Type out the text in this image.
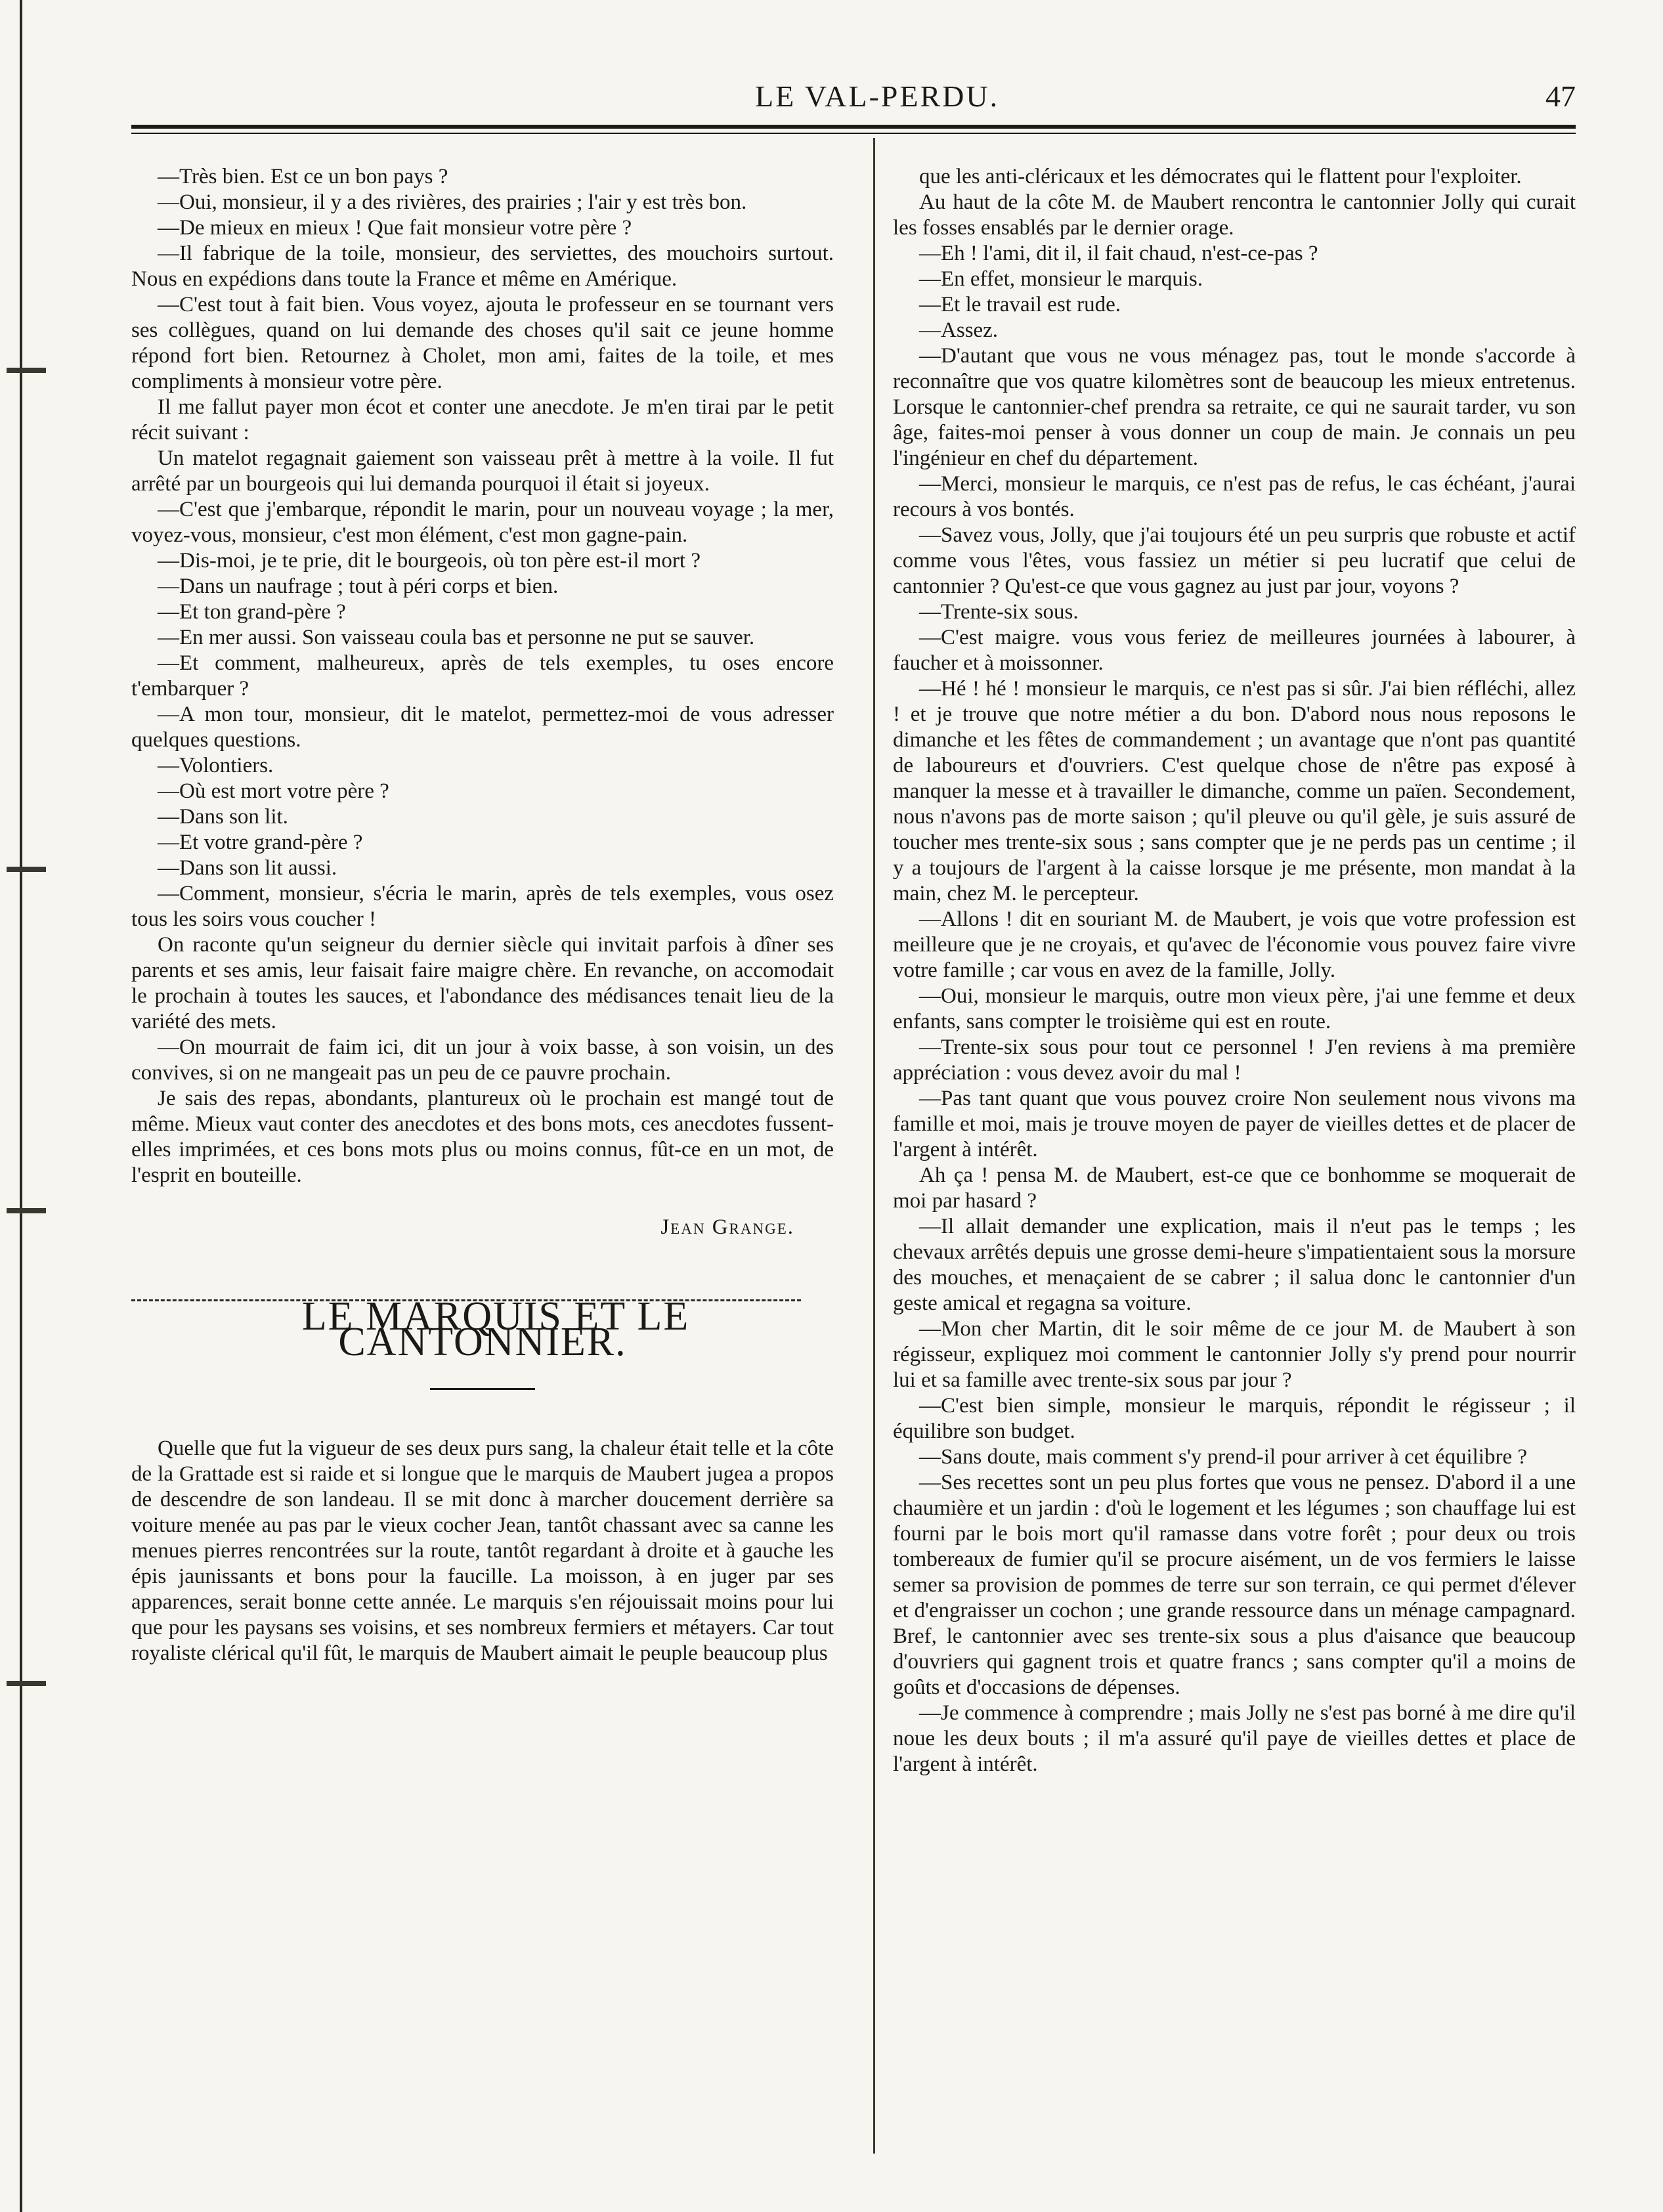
LE VAL-PERDU.	47

—Très bien. Est ce un bon pays ?

—Oui, monsieur, il y a des rivières, des prairies ; l'air y est très bon.

—De mieux en mieux ! Que fait monsieur votre père ?

—Il fabrique de la toile, monsieur, des serviettes, des mouchoirs surtout. Nous en expédions dans toute la France et même en Amérique.

—C'est tout à fait bien. Vous voyez, ajouta le professeur en se tournant vers ses collègues, quand on lui demande des choses qu'il sait ce jeune homme répond fort bien. Retournez à Cholet, mon ami, faites de la toile, et mes compliments à monsieur votre père.

Il me fallut payer mon écot et conter une anecdote. Je m'en tirai par le petit récit suivant :

Un matelot regagnait gaiement son vaisseau prêt à mettre à la voile. Il fut arrêté par un bourgeois qui lui demanda pourquoi il était si joyeux.

—C'est que j'embarque, répondit le marin, pour un nouveau voyage ; la mer, voyez-vous, monsieur, c'est mon élément, c'est mon gagne-pain.

—Dis-moi, je te prie, dit le bourgeois, où ton père est-il mort ?

—Dans un naufrage ; tout à péri corps et bien.

—Et ton grand-père ?

—En mer aussi. Son vaisseau coula bas et personne ne put se sauver.

—Et comment, malheureux, après de tels exemples, tu oses encore t'embarquer ?

—A mon tour, monsieur, dit le matelot, permettez-moi de vous adresser quelques questions.

—Volontiers.

—Où est mort votre père ?

—Dans son lit.

—Et votre grand-père ?

—Dans son lit aussi.

—Comment, monsieur, s'écria le marin, après de tels exemples, vous osez tous les soirs vous coucher !

On raconte qu'un seigneur du dernier siècle qui invitait parfois à dîner ses parents et ses amis, leur faisait faire maigre chère. En revanche, on accomodait le prochain à toutes les sauces, et l'abondance des médisances tenait lieu de la variété des mets.

—On mourrait de faim ici, dit un jour à voix basse, à son voisin, un des convives, si on ne mangeait pas un peu de ce pauvre prochain.

Je sais des repas, abondants, plantureux où le prochain est mangé tout de même. Mieux vaut conter des anecdotes et des bons mots, ces anecdotes fussent-elles imprimées, et ces bons mots plus ou moins connus, fût-ce en un mot, de l'esprit en bouteille.

Jean Grange.

LE MARQUIS ET LE CANTONNIER.

Quelle que fut la vigueur de ses deux purs sang, la chaleur était telle et la côte de la Grattade est si raide et si longue que le marquis de Maubert jugea a propos de descendre de son landeau. Il se mit donc à marcher doucement derrière sa voiture menée au pas par le vieux cocher Jean, tantôt chassant avec sa canne les menues pierres rencontrées sur la route, tantôt regardant à droite et à gauche les épis jaunissants et bons pour la faucille. La moisson, à en juger par ses apparences, serait bonne cette année. Le marquis s'en réjouissait moins pour lui que pour les paysans ses voisins, et ses nombreux fermiers et métayers. Car tout royaliste clérical qu'il fût, le marquis de Maubert aimait le peuple beaucoup plus

que les anti-cléricaux et les démocrates qui le flattent pour l'exploiter.

Au haut de la côte M. de Maubert rencontra le cantonnier Jolly qui curait les fosses ensablés par le dernier orage.

—Eh ! l'ami, dit il, il fait chaud, n'est-ce-pas ?

—En effet, monsieur le marquis.

—Et le travail est rude.

—Assez.

—D'autant que vous ne vous ménagez pas, tout le monde s'accorde à reconnaître que vos quatre kilomètres sont de beaucoup les mieux entretenus. Lorsque le cantonnier-chef prendra sa retraite, ce qui ne saurait tarder, vu son âge, faites-moi penser à vous donner un coup de main. Je connais un peu l'ingénieur en chef du département.

—Merci, monsieur le marquis, ce n'est pas de refus, le cas échéant, j'aurai recours à vos bontés.

—Savez vous, Jolly, que j'ai toujours été un peu surpris que robuste et actif comme vous l'êtes, vous fassiez un métier si peu lucratif que celui de cantonnier ? Qu'est-ce que vous gagnez au just par jour, voyons ?

—Trente-six sous.

—C'est maigre. vous vous feriez de meilleures journées à labourer, à faucher et à moissonner.

—Hé ! hé ! monsieur le marquis, ce n'est pas si sûr. J'ai bien réfléchi, allez ! et je trouve que notre métier a du bon. D'abord nous nous reposons le dimanche et les fêtes de commandement ; un avantage que n'ont pas quantité de laboureurs et d'ouvriers. C'est quelque chose de n'être pas exposé à manquer la messe et à travailler le dimanche, comme un païen. Secondement, nous n'avons pas de morte saison ; qu'il pleuve ou qu'il gèle, je suis assuré de toucher mes trente-six sous ; sans compter que je ne perds pas un centime ; il y a toujours de l'argent à la caisse lorsque je me présente, mon mandat à la main, chez M. le percepteur.

—Allons ! dit en souriant M. de Maubert, je vois que votre profession est meilleure que je ne croyais, et qu'avec de l'économie vous pouvez faire vivre votre famille ; car vous en avez de la famille, Jolly.

—Oui, monsieur le marquis, outre mon vieux père, j'ai une femme et deux enfants, sans compter le troisième qui est en route.

—Trente-six sous pour tout ce personnel ! J'en reviens à ma première appréciation : vous devez avoir du mal !

—Pas tant quant que vous pouvez croire Non seulement nous vivons ma famille et moi, mais je trouve moyen de payer de vieilles dettes et de placer de l'argent à intérêt.

Ah ça ! pensa M. de Maubert, est-ce que ce bonhomme se moquerait de moi par hasard ?

—Il allait demander une explication, mais il n'eut pas le temps ; les chevaux arrêtés depuis une grosse demi-heure s'impatientaient sous la morsure des mouches, et menaçaient de se cabrer ; il salua donc le cantonnier d'un geste amical et regagna sa voiture.

—Mon cher Martin, dit le soir même de ce jour M. de Maubert à son régisseur, expliquez moi comment le cantonnier Jolly s'y prend pour nourrir lui et sa famille avec trente-six sous par jour ?

—C'est bien simple, monsieur le marquis, répondit le régisseur ; il équilibre son budget.

—Sans doute, mais comment s'y prend-il pour arriver à cet équilibre ?

—Ses recettes sont un peu plus fortes que vous ne pensez. D'abord il a une chaumière et un jardin : d'où le logement et les légumes ; son chauffage lui est fourni par le bois mort qu'il ramasse dans votre forêt ; pour deux ou trois tombereaux de fumier qu'il se procure aisément, un de vos fermiers le laisse semer sa provision de pommes de terre sur son terrain, ce qui permet d'élever et d'engraisser un cochon ; une grande ressource dans un ménage campagnard. Bref, le cantonnier avec ses trente-six sous a plus d'aisance que beaucoup d'ouvriers qui gagnent trois et quatre francs ; sans compter qu'il a moins de goûts et d'occasions de dépenses.

—Je commence à comprendre ; mais Jolly ne s'est pas borné à me dire qu'il noue les deux bouts ; il m'a assuré qu'il paye de vieilles dettes et place de l'argent à intérêt.
